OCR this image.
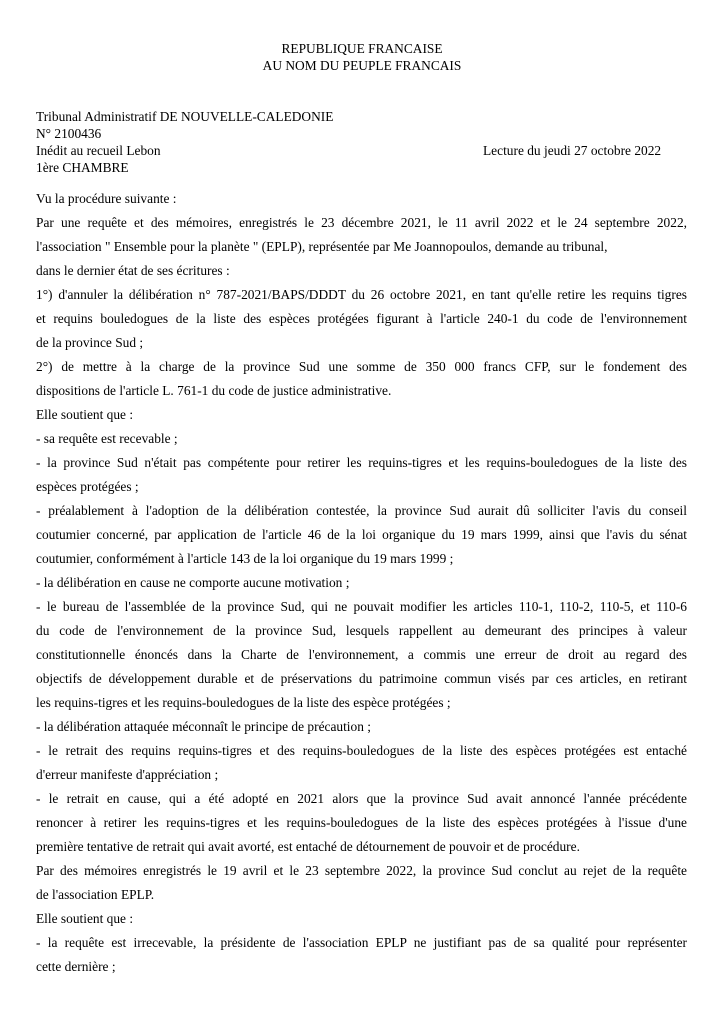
REPUBLIQUE FRANCAISE
AU NOM DU PEUPLE FRANCAIS
Tribunal Administratif DE NOUVELLE-CALEDONIE
N° 2100436
Inédit au recueil Lebon
1ère CHAMBRE
Lecture du jeudi 27 octobre 2022
Vu la procédure suivante :
Par une requête et des mémoires, enregistrés le 23 décembre 2021, le 11 avril 2022 et le 24 septembre 2022,
l'association " Ensemble pour la planète " (EPLP), représentée par Me Joannopoulos, demande au tribunal,
dans le dernier état de ses écritures :
1°) d'annuler la délibération n° 787-2021/BAPS/DDDT du 26 octobre 2021, en tant qu'elle retire les requins tigres
et requins bouledogues de la liste des espèces protégées figurant à l'article 240-1 du code de l'environnement
de la province Sud ;
2°) de mettre à la charge de la province Sud une somme de 350 000 francs CFP, sur le fondement des
dispositions de l'article L. 761-1 du code de justice administrative.
Elle soutient que :
- sa requête est recevable ;
- la province Sud n'était pas compétente pour retirer les requins-tigres et les requins-bouledogues de la liste des
espèces protégées ;
- préalablement à l'adoption de la délibération contestée, la province Sud aurait dû solliciter l'avis du conseil
coutumier concerné, par application de l'article 46 de la loi organique du 19 mars 1999, ainsi que l'avis du sénat
coutumier, conformément à l'article 143 de la loi organique du 19 mars 1999 ;
- la délibération en cause ne comporte aucune motivation ;
- le bureau de l'assemblée de la province Sud, qui ne pouvait modifier les articles 110-1, 110-2, 110-5, et 110-6
du code de l'environnement de la province Sud, lesquels rappellent au demeurant des principes à valeur
constitutionnelle énoncés dans la Charte de l'environnement, a commis une erreur de droit au regard des
objectifs de développement durable et de préservations du patrimoine commun visés par ces articles, en retirant
les requins-tigres et les requins-bouledogues de la liste des espèce protégées ;
- la délibération attaquée méconnaît le principe de précaution ;
- le retrait des requins requins-tigres et des requins-bouledogues de la liste des espèces protégées est entaché
d'erreur manifeste d'appréciation ;
- le retrait en cause, qui a été adopté en 2021 alors que la province Sud avait annoncé l'année précédente
renoncer à retirer les requins-tigres et les requins-bouledogues de la liste des espèces protégées à l'issue d'une
première tentative de retrait qui avait avorté, est entaché de détournement de pouvoir et de procédure.
Par des mémoires enregistrés le 19 avril et le 23 septembre 2022, la province Sud conclut au rejet de la requête
de l'association EPLP.
Elle soutient que :
- la requête est irrecevable, la présidente de l'association EPLP ne justifiant pas de sa qualité pour représenter
cette dernière ;
